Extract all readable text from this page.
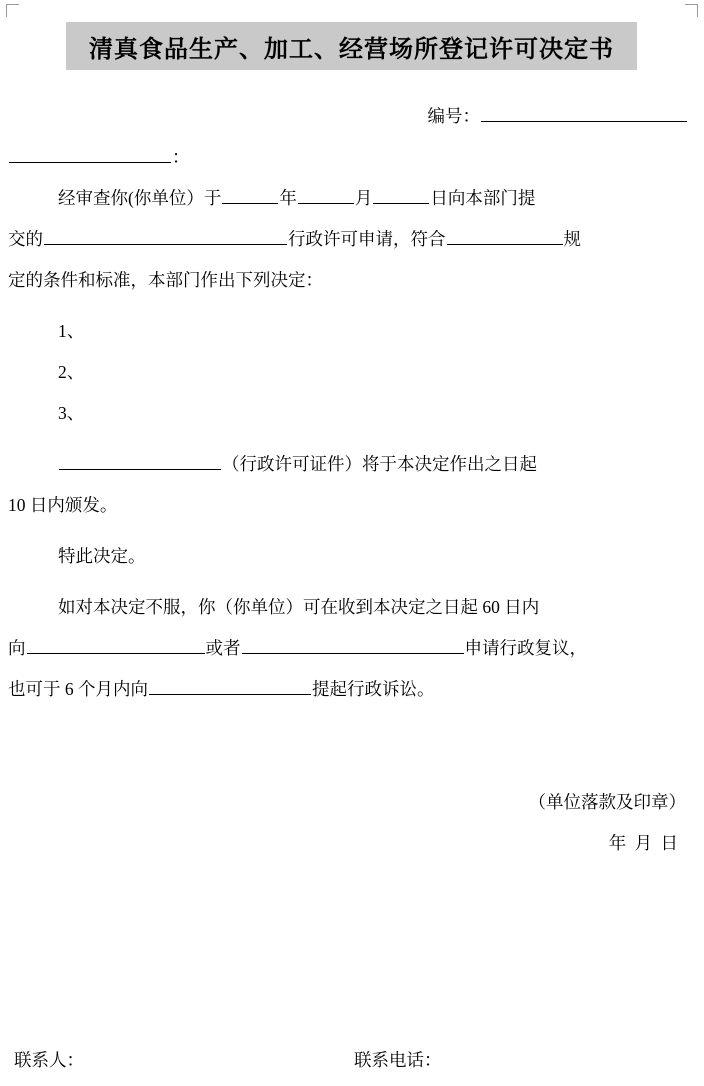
清真食品生产、加工、经营场所登记许可决定书
编号：
：
经审查你(你单位）于	年	月	日向本部门提
交的	行政许可申请，符合	规
定的条件和标准，本部门作出下列决定：
1、
2、
3、
（行政许可证件）将于本决定作出之日起
10 日内颁发。
特此决定。
如对本决定不服，你（你单位）可在收到本决定之日起 60 日内
向	或者	申请行政复议，
也可于 6 个月内向	提起行政诉讼。
（单位落款及印章）
年 月 日
联系人：	联系电话：
